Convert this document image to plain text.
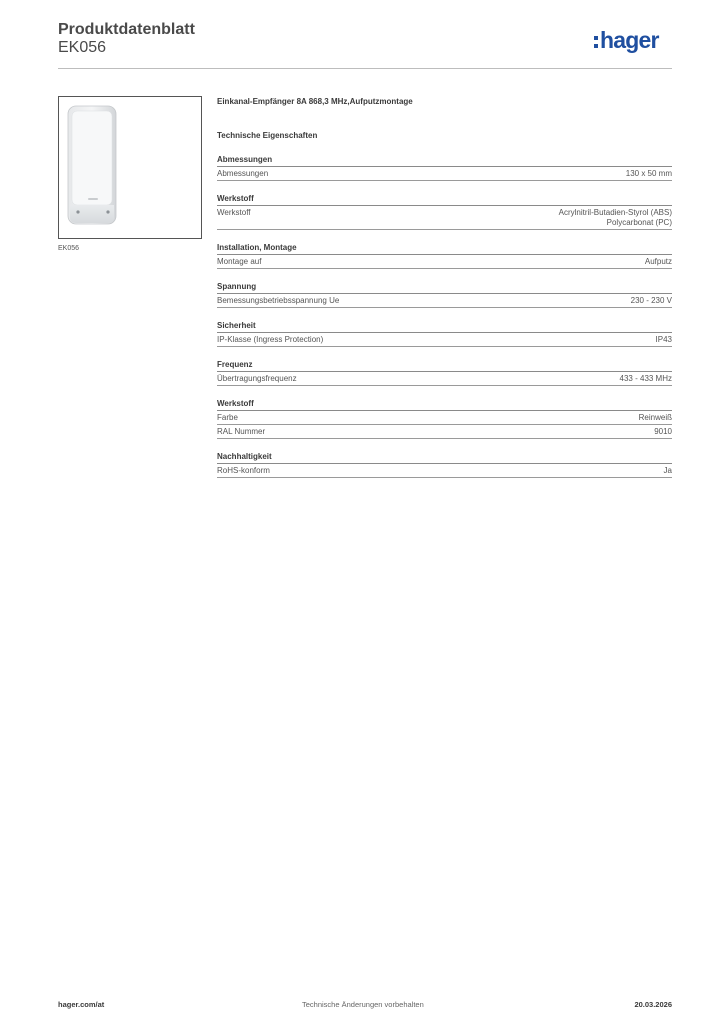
Produktdatenblatt
EK056	hager
EK056
Einkanal-Empfänger 8A 868,3 MHz,Aufputzmontage
Technische Eigenschaften
Abmessungen
Abmessungen	130 x 50 mm
Werkstoff
Werkstoff	Acrylnitril-Butadien-Styrol (ABS)
Polycarbonat (PC)
Installation, Montage
Montage auf	Aufputz
Spannung
Bemessungsbetriebsspannung Ue	230 - 230 V
Sicherheit
IP-Klasse (Ingress Protection)	IP43
Frequenz
Übertragungsfrequenz	433 - 433 MHz
Werkstoff
Farbe	Reinweiß
RAL Nummer	9010
Nachhaltigkeit
RoHS-konform	Ja
hager.com/at	Technische Änderungen vorbehalten	20.03.2026
